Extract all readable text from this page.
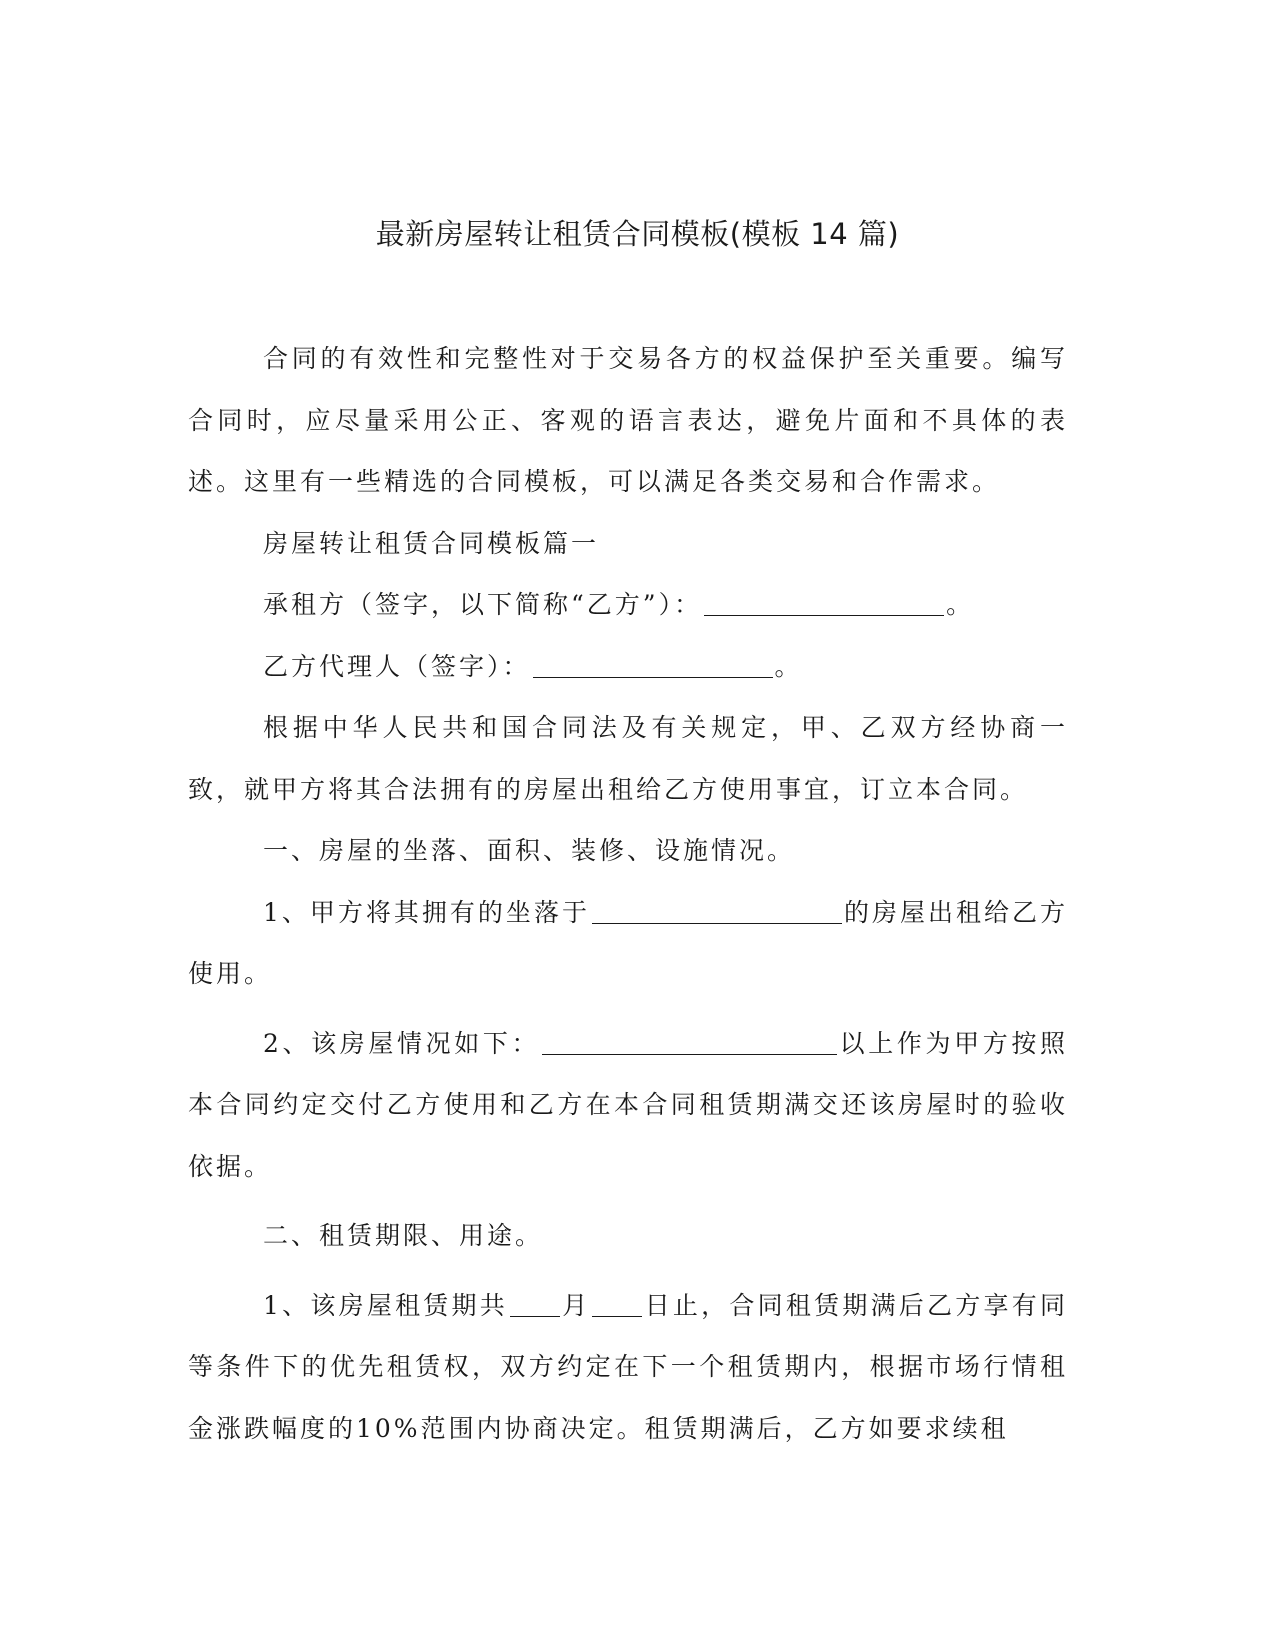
最新房屋转让租赁合同模板(模板 14 篇)

合同的有效性和完整性对于交易各方的权益保护至关重要。编写合同时，应尽量采用公正、客观的语言表达，避免片面和不具体的表述。这里有一些精选的合同模板，可以满足各类交易和合作需求。

房屋转让租赁合同模板篇一

承租方（签字，以下简称“乙方”）：	。

乙方代理人（签字）：	。

根据中华人民共和国合同法及有关规定，甲、乙双方经协商一致，就甲方将其合法拥有的房屋出租给乙方使用事宜，订立本合同。

一、房屋的坐落、面积、装修、设施情况。

1、甲方将其拥有的坐落于	的房屋出租给乙方使用。

2、该房屋情况如下：	以上作为甲方按照本合同约定交付乙方使用和乙方在本合同租赁期满交还该房屋时的验收依据。

二、租赁期限、用途。

1、该房屋租赁期共 月 日止，合同租赁期满后乙方享有同等条件下的优先租赁权，双方约定在下一个租赁期内，根据市场行情租金涨跌幅度的10%范围内协商决定。租赁期满后，乙方如要求续租
